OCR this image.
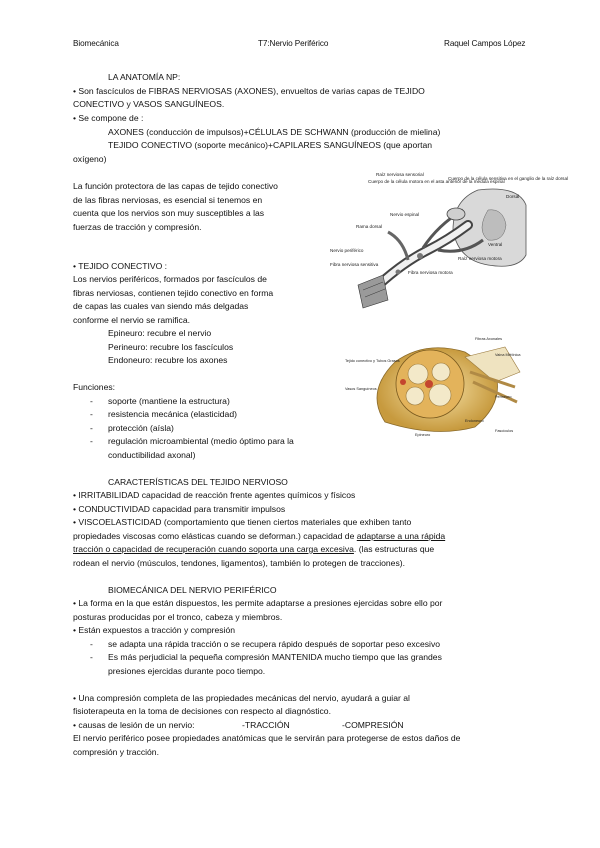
Biomecánica	T7:Nervio Periférico	Raquel Campos López
LA ANATOMÍA NP:
• Son fascículos de FIBRAS NERVIOSAS (AXONES), envueltos de varias capas de TEJIDO
CONECTIVO y VASOS SANGUÍNEOS.
• Se compone de :
AXONES (conducción de impulsos)+CÉLULAS DE SCHWANN (producción de mielina)
TEJIDO CONECTIVO (soporte mecánico)+CAPILARES SANGUÍNEOS (que aportan
oxígeno)
La función protectora de las capas de tejido conectivo
de las fibras nerviosas, es esencial si tenemos en
cuenta que los nervios son muy susceptibles a las
fuerzas de tracción y compresión.
Raíz nerviosa sensorial
Cuerpo de la célula motora en el asta anterior de la médula espinal
Cuerpo de la célula sensitiva en el ganglio de la raíz dorsal
Dorsal
Rama dorsal
Nervio espinal
Ventral
Nervio periférico
Raíz nerviosa motora
Fibra nerviosa sensitiva
Fibra nerviosa motora
• TEJIDO CONECTIVO :
Los nervios periféricos, formados por fascículos de
fibras nerviosas, contienen tejido conectivo en forma
de capas las cuales van siendo más delgadas
conforme el nervio se ramifica.
Epineuro: recubre el nervio
Perineuro: recubre los fascículos
Endoneuro: recubre los axones	Tejido conectivo y Tubos Grasos
Fibras Axonales
Vasos Sanguíneos
Perineuro
Endoneuro
Epineuro
Vaina Miélínica
Fascículos
Funciones:
- soporte (mantiene la estructura)
- resistencia mecánica (elasticidad)
- protección (aísla)
- regulación microambiental (medio óptimo para la
conductibilidad axonal)
CARACTERÍSTICAS DEL TEJIDO NERVIOSO
• IRRITABILIDAD capacidad de reacción frente agentes químicos y físicos
• CONDUCTIVIDAD capacidad para transmitir impulsos
• VISCOELASTICIDAD (comportamiento que tienen ciertos materiales que exhiben tanto
propiedades viscosas como elásticas cuando se deforman.) capacidad de adaptarse a una rápida
tracción o capacidad de recuperación cuando soporta una carga excesiva. (las estructuras que
rodean el nervio (músculos, tendones, ligamentos), también lo protegen de tracciones).
BIOMECÁNICA DEL NERVIO PERIFÉRICO
• La forma en la que están dispuestos, les permite adaptarse a presiones ejercidas sobre ello por
posturas producidas por el tronco, cabeza y miembros.
• Están expuestos a tracción y compresión
- se adapta una rápida tracción o se recupera rápido después de soportar peso excesivo
- Es más perjudicial la pequeña compresión MANTENIDA mucho tiempo que las grandes
presiones ejercidas durante poco tiempo.
• Una compresión completa de las propiedades mecánicas del nervio, ayudará a guiar al
fisioterapeuta en la toma de decisiones con respecto al diagnóstico.
• causas de lesión de un nervio:	-TRACCIÓN	-COMPRESIÓN
El nervio periférico posee propiedades anatómicas que le servirán para protegerse de estos daños de
compresión y tracción.
